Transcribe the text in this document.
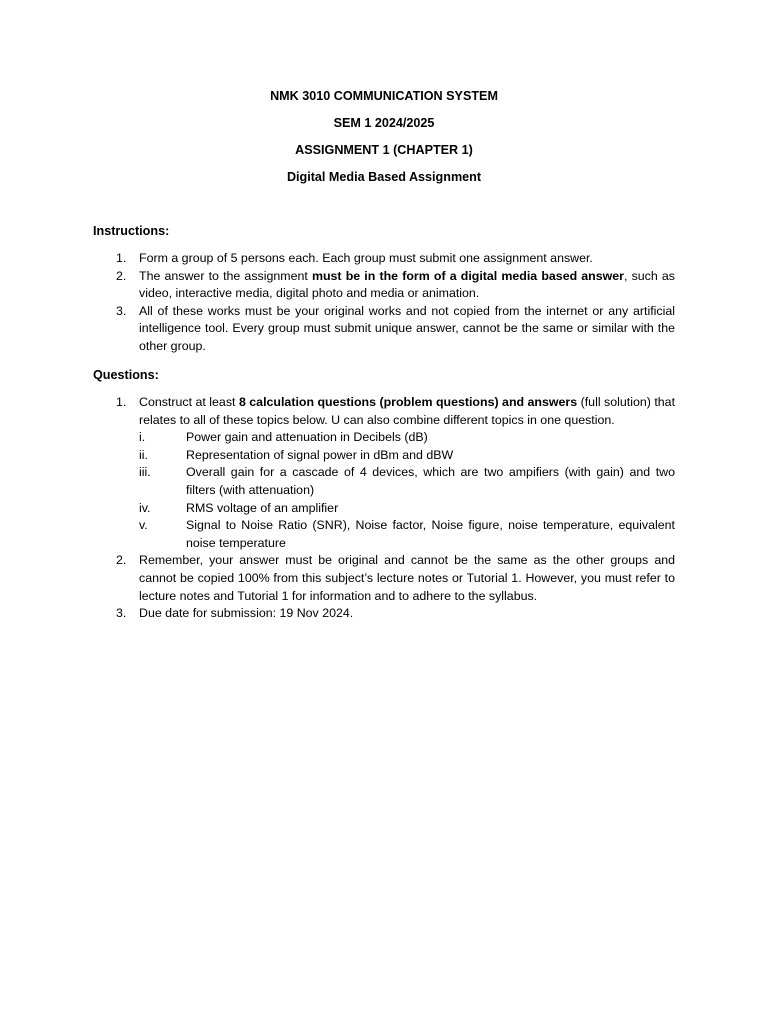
NMK 3010 COMMUNICATION SYSTEM
SEM 1 2024/2025
ASSIGNMENT 1 (CHAPTER 1)
Digital Media Based Assignment
Instructions:
1. Form a group of 5 persons each. Each group must submit one assignment answer.
2. The answer to the assignment must be in the form of a digital media based answer, such as video, interactive media, digital photo and media or animation.
3. All of these works must be your original works and not copied from the internet or any artificial intelligence tool. Every group must submit unique answer, cannot be the same or similar with the other group.
Questions:
1. Construct at least 8 calculation questions (problem questions) and answers (full solution) that relates to all of these topics below. U can also combine different topics in one question.
i.	Power gain and attenuation in Decibels (dB)
ii.	Representation of signal power in dBm and dBW
iii.	Overall gain for a cascade of 4 devices, which are two ampifiers (with gain) and two filters (with attenuation)
iv.	RMS voltage of an amplifier
v.	Signal to Noise Ratio (SNR), Noise factor, Noise figure, noise temperature, equivalent noise temperature
2. Remember, your answer must be original and cannot be the same as the other groups and cannot be copied 100% from this subject’s lecture notes or Tutorial 1. However, you must refer to lecture notes and Tutorial 1 for information and to adhere to the syllabus.
3. Due date for submission: 19 Nov 2024.
